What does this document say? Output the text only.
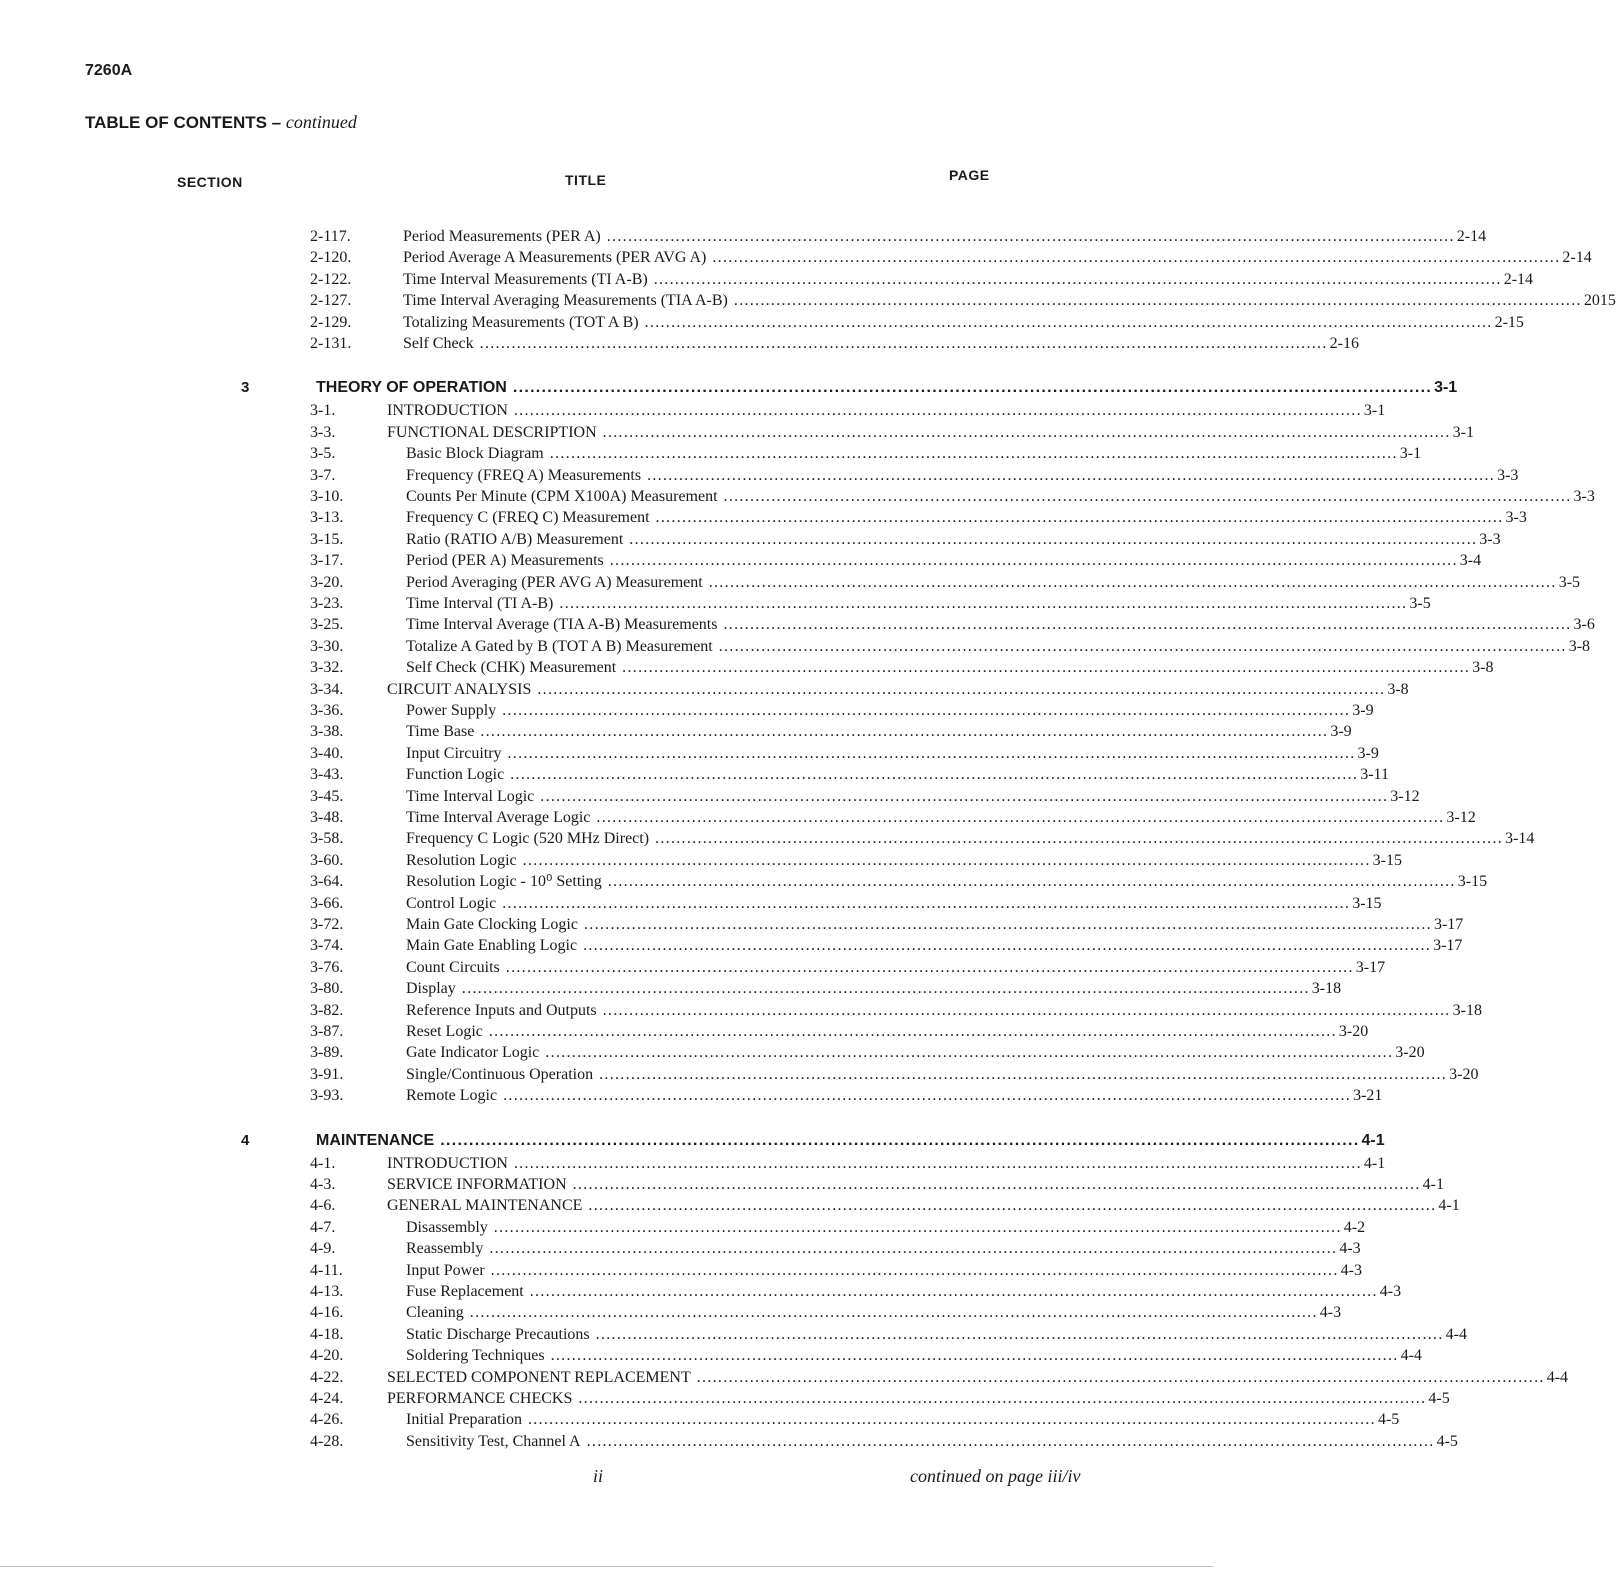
7260A
TABLE OF CONTENTS – continued
SECTION	TITLE	PAGE
2-117.	Period Measurements (PER A) ................................................................................................................................................................ 2-14
2-120.	Period Average A Measurements (PER AVG A) ................................................................................................................................................................ 2-14
2-122.	Time Interval Measurements (TI A-B) ................................................................................................................................................................ 2-14
2-127.	Time Interval Averaging Measurements (TIA A-B) ................................................................................................................................................................ 2015
2-129.	Totalizing Measurements (TOT A B) ................................................................................................................................................................ 2-15
2-131.	Self Check ................................................................................................................................................................ 2-16
3	THEORY OF OPERATION ................................................................................................................................................................ 3-1
3-1.	INTRODUCTION ................................................................................................................................................................ 3-1
3-3.	FUNCTIONAL DESCRIPTION ................................................................................................................................................................ 3-1
3-5.	Basic Block Diagram ................................................................................................................................................................ 3-1
3-7.	Frequency (FREQ A) Measurements ................................................................................................................................................................ 3-3
3-10.	Counts Per Minute (CPM X100A) Measurement ................................................................................................................................................................ 3-3
3-13.	Frequency C (FREQ C) Measurement ................................................................................................................................................................ 3-3
3-15.	Ratio (RATIO A/B) Measurement ................................................................................................................................................................ 3-3
3-17.	Period (PER A) Measurements ................................................................................................................................................................ 3-4
3-20.	Period Averaging (PER AVG A) Measurement ................................................................................................................................................................ 3-5
3-23.	Time Interval (TI A-B) ................................................................................................................................................................ 3-5
3-25.	Time Interval Average (TIA A-B) Measurements ................................................................................................................................................................ 3-6
3-30.	Totalize A Gated by B (TOT A B) Measurement ................................................................................................................................................................ 3-8
3-32.	Self Check (CHK) Measurement ................................................................................................................................................................ 3-8
3-34.	CIRCUIT ANALYSIS ................................................................................................................................................................ 3-8
3-36.	Power Supply ................................................................................................................................................................ 3-9
3-38.	Time Base ................................................................................................................................................................ 3-9
3-40.	Input Circuitry ................................................................................................................................................................ 3-9
3-43.	Function Logic ................................................................................................................................................................ 3-11
3-45.	Time Interval Logic ................................................................................................................................................................ 3-12
3-48.	Time Interval Average Logic ................................................................................................................................................................ 3-12
3-58.	Frequency C Logic (520 MHz Direct) ................................................................................................................................................................ 3-14
3-60.	Resolution Logic ................................................................................................................................................................ 3-15
3-64.	Resolution Logic - 10⁰ Setting ................................................................................................................................................................ 3-15
3-66.	Control Logic ................................................................................................................................................................ 3-15
3-72.	Main Gate Clocking Logic ................................................................................................................................................................ 3-17
3-74.	Main Gate Enabling Logic ................................................................................................................................................................ 3-17
3-76.	Count Circuits ................................................................................................................................................................ 3-17
3-80.	Display ................................................................................................................................................................ 3-18
3-82.	Reference Inputs and Outputs ................................................................................................................................................................ 3-18
3-87.	Reset Logic ................................................................................................................................................................ 3-20
3-89.	Gate Indicator Logic ................................................................................................................................................................ 3-20
3-91.	Single/Continuous Operation ................................................................................................................................................................ 3-20
3-93.	Remote Logic ................................................................................................................................................................ 3-21
4	MAINTENANCE ................................................................................................................................................................ 4-1
4-1.	INTRODUCTION ................................................................................................................................................................ 4-1
4-3.	SERVICE INFORMATION ................................................................................................................................................................ 4-1
4-6.	GENERAL MAINTENANCE ................................................................................................................................................................ 4-1
4-7.	Disassembly ................................................................................................................................................................ 4-2
4-9.	Reassembly ................................................................................................................................................................ 4-3
4-11.	Input Power ................................................................................................................................................................ 4-3
4-13.	Fuse Replacement ................................................................................................................................................................ 4-3
4-16.	Cleaning ................................................................................................................................................................ 4-3
4-18.	Static Discharge Precautions ................................................................................................................................................................ 4-4
4-20.	Soldering Techniques ................................................................................................................................................................ 4-4
4-22.	SELECTED COMPONENT REPLACEMENT ................................................................................................................................................................ 4-4
4-24.	PERFORMANCE CHECKS ................................................................................................................................................................ 4-5
4-26.	Initial Preparation ................................................................................................................................................................ 4-5
4-28.	Sensitivity Test, Channel A ................................................................................................................................................................ 4-5
ii	continued on page iii/iv
